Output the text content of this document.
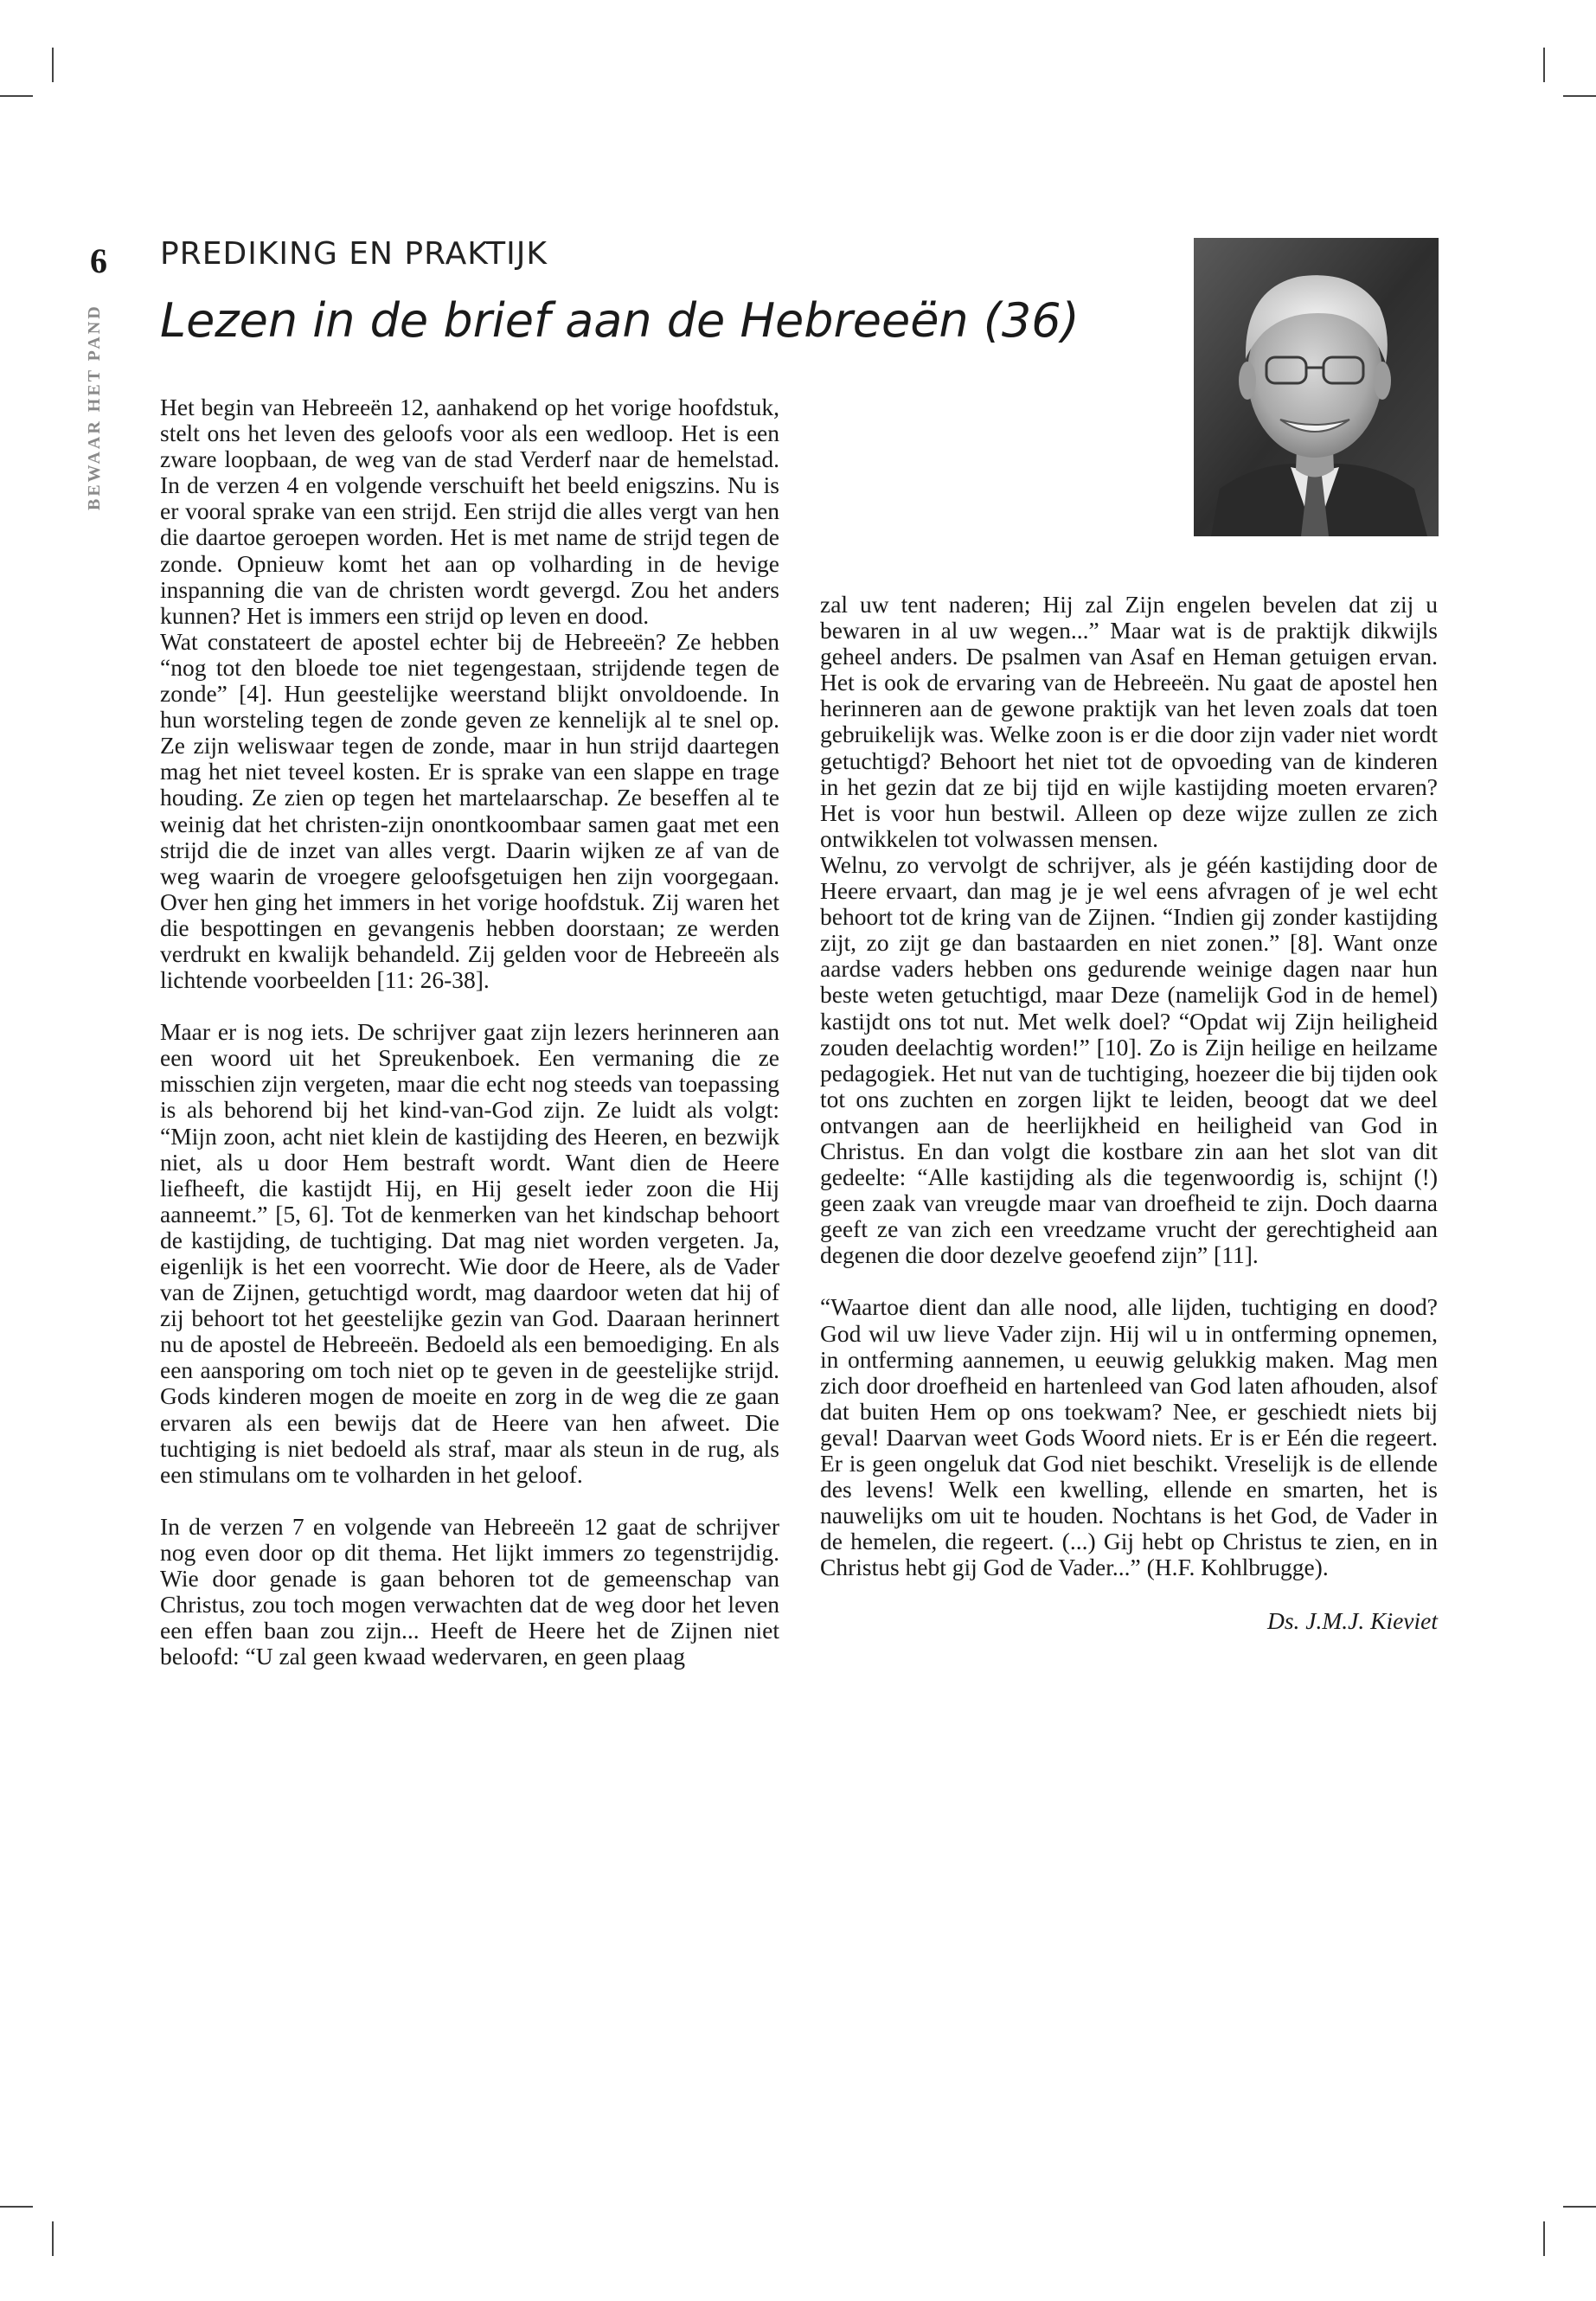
6
BEWAAR HET PAND
PREDIKING EN PRAKTIJK
Lezen in de brief aan de Hebreeën (36)

Het begin van Hebreeën 12, aanhakend op het vorige hoofdstuk, stelt ons het leven des geloofs voor als een wedloop. Het is een zware loopbaan, de weg van de stad Verderf naar de hemelstad. In de verzen 4 en volgende verschuift het beeld enigszins. Nu is er vooral sprake van een strijd. Een strijd die alles vergt van hen die daartoe geroepen worden. Het is met name de strijd tegen de zonde. Opnieuw komt het aan op volharding in de hevige inspanning die van de christen wordt gevergd. Zou het anders kunnen? Het is immers een strijd op leven en dood.

Wat constateert de apostel echter bij de Hebreeën? Ze hebben “nog tot den bloede toe niet tegengestaan, strijdende tegen de zonde” [4]. Hun geestelijke weerstand blijkt onvoldoende. In hun worsteling tegen de zonde geven ze kennelijk al te snel op. Ze zijn weliswaar tegen de zonde, maar in hun strijd daartegen mag het niet teveel kosten. Er is sprake van een slappe en trage houding. Ze zien op tegen het martelaarschap. Ze beseffen al te weinig dat het christen-zijn onontkoombaar samen gaat met een strijd die de inzet van alles vergt. Daarin wijken ze af van de weg waarin de vroegere geloofsgetuigen hen zijn voorgegaan. Over hen ging het immers in het vorige hoofdstuk. Zij waren het die bespottingen en gevangenis hebben doorstaan; ze werden verdrukt en kwalijk behandeld. Zij gelden voor de Hebreeën als lichtende voorbeelden [11: 26-38].

Maar er is nog iets. De schrijver gaat zijn lezers herinneren aan een woord uit het Spreukenboek. Een vermaning die ze misschien zijn vergeten, maar die echt nog steeds van toepassing is als behorend bij het kind-van-God zijn. Ze luidt als volgt: “Mijn zoon, acht niet klein de kastijding des Heeren, en bezwijk niet, als u door Hem bestraft wordt. Want dien de Heere liefheeft, die kastijdt Hij, en Hij geselt ieder zoon die Hij aanneemt.” [5, 6]. Tot de kenmerken van het kindschap behoort de kastijding, de tuchtiging. Dat mag niet worden vergeten. Ja, eigenlijk is het een voorrecht. Wie door de Heere, als de Vader van de Zijnen, getuchtigd wordt, mag daardoor weten dat hij of zij behoort tot het geestelijke gezin van God. Daaraan herinnert nu de apostel de Hebreeën. Bedoeld als een bemoediging. En als een aansporing om toch niet op te geven in de geestelijke strijd. Gods kinderen mogen de moeite en zorg in de weg die ze gaan ervaren als een bewijs dat de Heere van hen afweet. Die tuchtiging is niet bedoeld als straf, maar als steun in de rug, als een stimulans om te volharden in het geloof.

In de verzen 7 en volgende van Hebreeën 12 gaat de schrijver nog even door op dit thema. Het lijkt immers zo tegenstrijdig. Wie door genade is gaan behoren tot de gemeenschap van Christus, zou toch mogen verwachten dat de weg door het leven een effen baan zou zijn... Heeft de Heere het de Zijnen niet beloofd: “U zal geen kwaad wedervaren, en geen plaag

zal uw tent naderen; Hij zal Zijn engelen bevelen dat zij u bewaren in al uw wegen...” Maar wat is de praktijk dikwijls geheel anders. De psalmen van Asaf en Heman getuigen ervan. Het is ook de ervaring van de Hebreeën. Nu gaat de apostel hen herinneren aan de gewone praktijk van het leven zoals dat toen gebruikelijk was. Welke zoon is er die door zijn vader niet wordt getuchtigd? Behoort het niet tot de opvoeding van de kinderen in het gezin dat ze bij tijd en wijle kastijding moeten ervaren? Het is voor hun bestwil. Alleen op deze wijze zullen ze zich ontwikkelen tot volwassen mensen.

Welnu, zo vervolgt de schrijver, als je géén kastijding door de Heere ervaart, dan mag je je wel eens afvragen of je wel echt behoort tot de kring van de Zijnen. “Indien gij zonder kastijding zijt, zo zijt ge dan bastaarden en niet zonen.” [8]. Want onze aardse vaders hebben ons gedurende weinige dagen naar hun beste weten getuchtigd, maar Deze (namelijk God in de hemel) kastijdt ons tot nut. Met welk doel? “Opdat wij Zijn heiligheid zouden deelachtig worden!” [10]. Zo is Zijn heilige en heilzame pedagogiek. Het nut van de tuchtiging, hoezeer die bij tijden ook tot ons zuchten en zorgen lijkt te leiden, beoogt dat we deel ontvangen aan de heerlijkheid en heiligheid van God in Christus. En dan volgt die kostbare zin aan het slot van dit gedeelte: “Alle kastijding als die tegenwoordig is, schijnt (!) geen zaak van vreugde maar van droefheid te zijn. Doch daarna geeft ze van zich een vreedzame vrucht der gerechtigheid aan degenen die door dezelve geoefend zijn” [11].

“Waartoe dient dan alle nood, alle lijden, tuchtiging en dood? God wil uw lieve Vader zijn. Hij wil u in ontferming opnemen, in ontferming aannemen, u eeuwig gelukkig maken. Mag men zich door droefheid en hartenleed van God laten afhouden, alsof dat buiten Hem op ons toekwam? Nee, er geschiedt niets bij geval! Daarvan weet Gods Woord niets. Er is er Eén die regeert. Er is geen ongeluk dat God niet beschikt. Vreselijk is de ellende des levens! Welk een kwelling, ellende en smarten, het is nauwelijks om uit te houden. Nochtans is het God, de Vader in de hemelen, die regeert. (...) Gij hebt op Christus te zien, en in Christus hebt gij God de Vader...” (H.F. Kohlbrugge).

Ds. J.M.J. Kieviet
